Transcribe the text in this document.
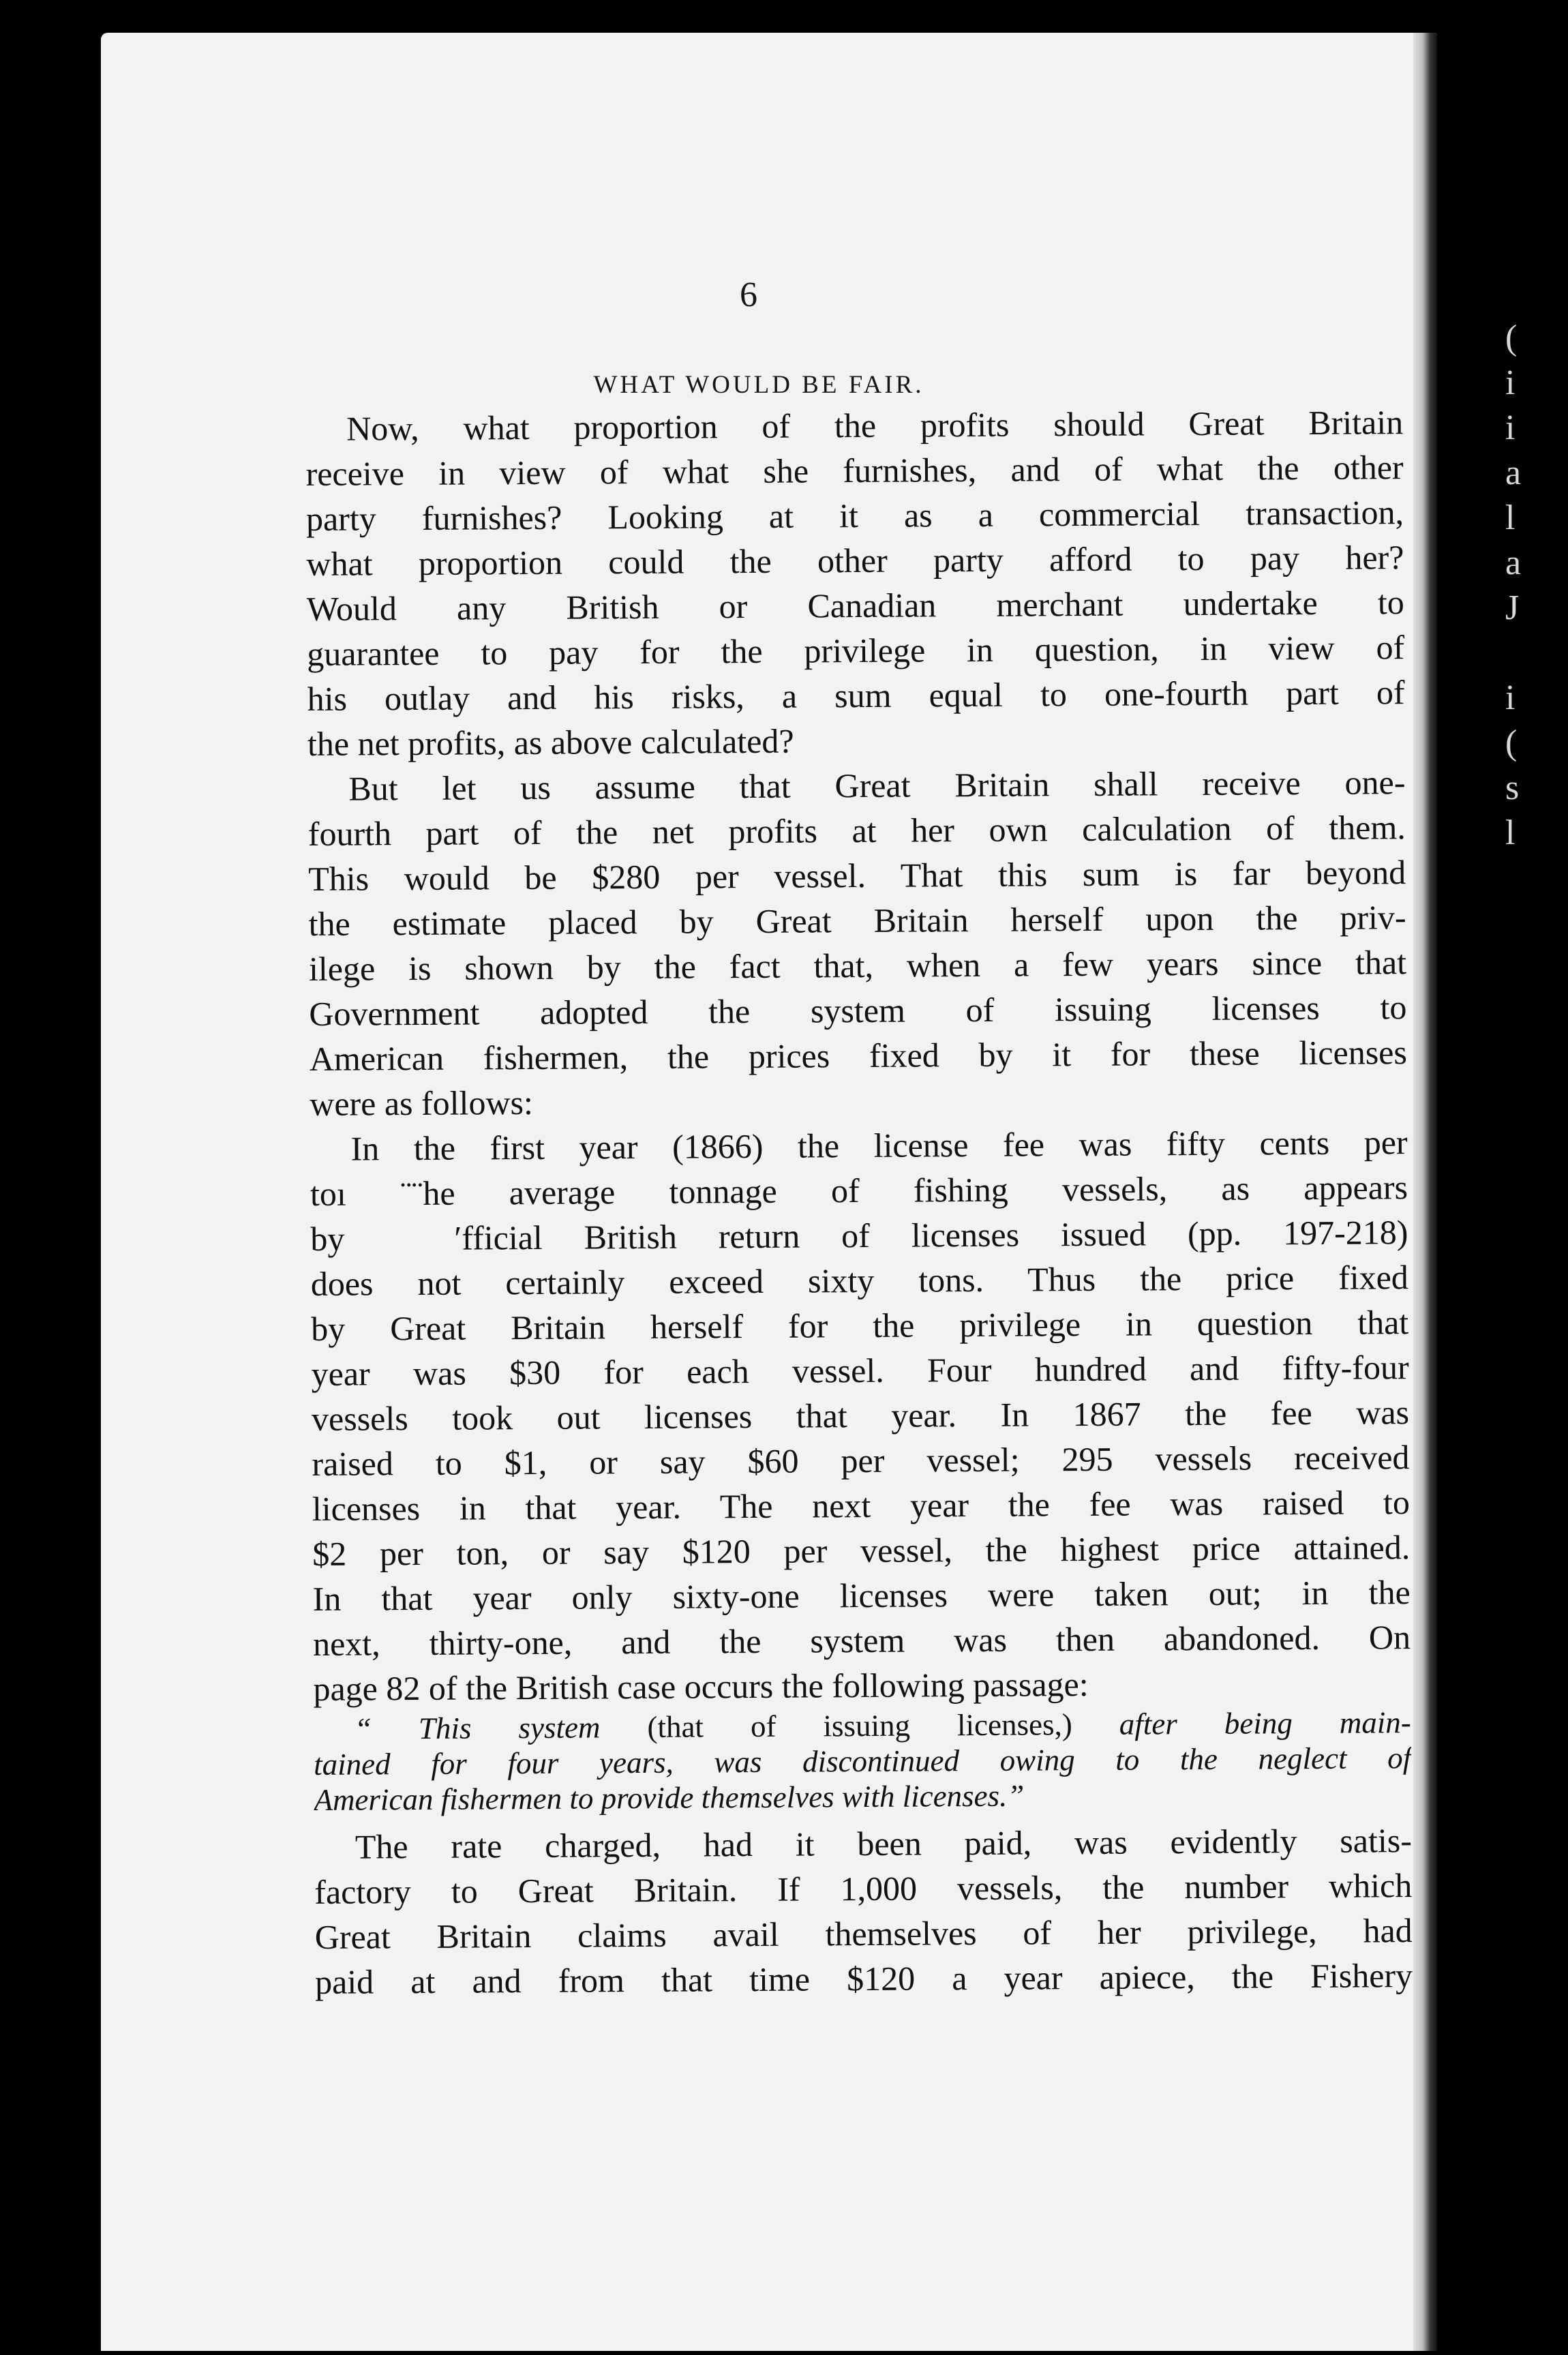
6
WHAT WOULD BE FAIR.
Now, what proportion of the profits should Great Britain
receive in view of what she furnishes, and of what the other
party furnishes? Looking at it as a commercial transaction,
what proportion could the other party afford to pay her?
Would any British or Canadian merchant undertake to
guarantee to pay for the privilege in question, in view of
his outlay and his risks, a sum equal to one-fourth part of
the net profits, as above calculated?
But let us assume that Great Britain shall receive one-
fourth part of the net profits at her own calculation of them.
This would be $280 per vessel. That this sum is far beyond
the estimate placed by Great Britain herself upon the priv-
ilege is shown by the fact that, when a few years since that
Government adopted the system of issuing licenses to
American fishermen, the prices fixed by it for these licenses
were as follows:
In the first year (1866) the license fee was fifty cents per
toı ¨¨he average tonnage of fishing vessels, as appears
by   ′fficial British return of licenses issued (pp. 197-218)
does not certainly exceed sixty tons. Thus the price fixed
by Great Britain herself for the privilege in question that
year was $30 for each vessel. Four hundred and fifty-four
vessels took out licenses that year. In 1867 the fee was
raised to $1, or say $60 per vessel; 295 vessels received
licenses in that year. The next year the fee was raised to
$2 per ton, or say $120 per vessel, the highest price attained.
In that year only sixty-one licenses were taken out; in the
next, thirty-one, and the system was then abandoned. On
page 82 of the British case occurs the following passage:
“ This system (that of issuing licenses,) after being main-
tained for four years, was discontinued owing to the neglect of
American fishermen to provide themselves with licenses.”
The rate charged, had it been paid, was evidently satis-
factory to Great Britain. If 1,000 vessels, the number which
Great Britain claims avail themselves of her privilege, had
paid at and from that time $120 a year apiece, the Fishery
(
i
i
a
l
a
J
i
(
s
l
